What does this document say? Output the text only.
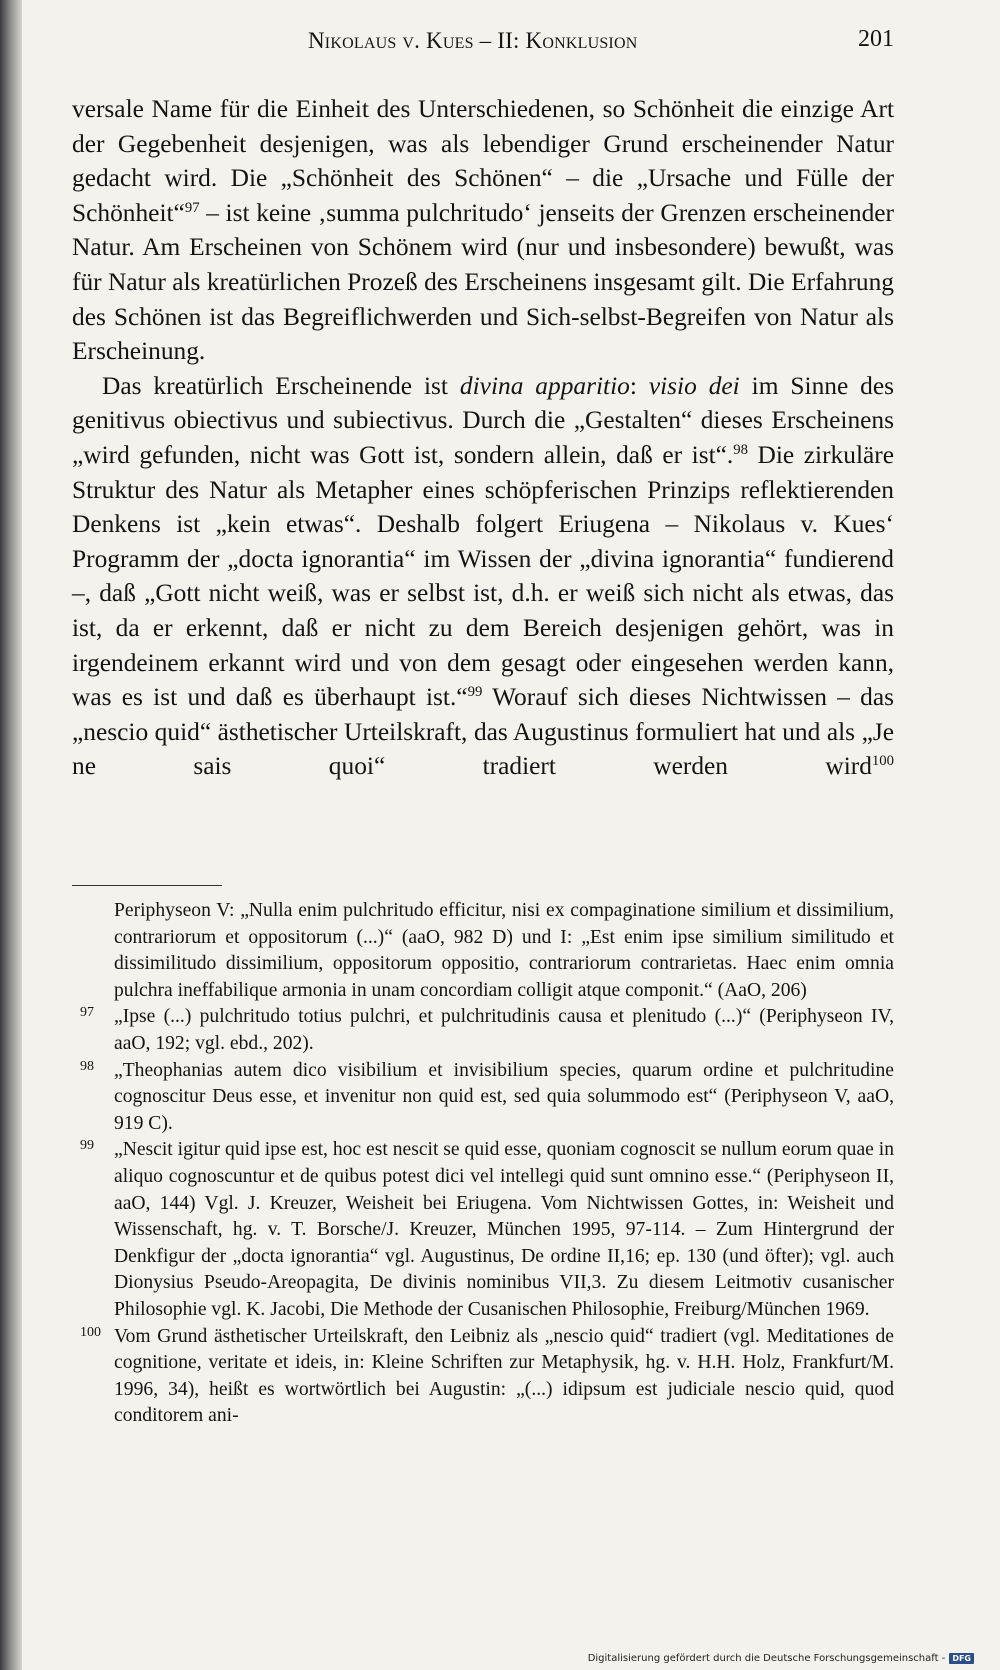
Nikolaus v. Kues – II: Konklusion	201

versale Name für die Einheit des Unterschiedenen, so Schönheit die einzige Art der Gegebenheit desjenigen, was als lebendiger Grund erscheinender Natur gedacht wird. Die „Schönheit des Schönen“ – die „Ursache und Fülle der Schönheit“$^{97}$ – ist keine ‚summa pulchritudo‘ jenseits der Grenzen erscheinender Natur. Am Erscheinen von Schönem wird (nur und insbesondere) bewußt, was für Natur als kreatürlichen Prozeß des Erscheinens insgesamt gilt. Die Erfahrung des Schönen ist das Begreiflichwerden und Sich-selbst-Begreifen von Natur als Erscheinung.

Das kreatürlich Erscheinende ist divina apparitio: visio dei im Sinne des genitivus obiectivus und subiectivus. Durch die „Gestalten“ dieses Erscheinens „wird gefunden, nicht was Gott ist, sondern allein, daß er ist“.$^{98}$ Die zirkuläre Struktur des Natur als Metapher eines schöpferischen Prinzips reflektierenden Denkens ist „kein etwas“. Deshalb folgert Eriugena – Nikolaus v. Kues‘ Programm der „docta ignorantia“ im Wissen der „divina ignorantia“ fundierend –, daß „Gott nicht weiß, was er selbst ist, d.h. er weiß sich nicht als etwas, das ist, da er erkennt, daß er nicht zu dem Bereich desjenigen gehört, was in irgendeinem erkannt wird und von dem gesagt oder eingesehen werden kann, was es ist und daß es überhaupt ist.“$^{99}$ Worauf sich dieses Nichtwissen – das „nescio quid“ ästhetischer Urteilskraft, das Augustinus formuliert hat und als „Je ne sais quoi“ tradiert werden wird$^{100}$

Periphyseon V: „Nulla enim pulchritudo efficitur, nisi ex compaginatione similium et dissimilium, contrariorum et oppositorum (...)“ (aaO, 982 D) und I: „Est enim ipse similium similitudo et dissimilitudo dissimilium, oppositorum oppositio, contrariorum contrarietas. Haec enim omnia pulchra ineffabilique armonia in unam concordiam colligit atque componit.“ (AaO, 206)

97 „Ipse (...) pulchritudo totius pulchri, et pulchritudinis causa et plenitudo (...)“ (Periphyseon IV, aaO, 192; vgl. ebd., 202).

98 „Theophanias autem dico visibilium et invisibilium species, quarum ordine et pulchritudine cognoscitur Deus esse, et invenitur non quid est, sed quia solummodo est“ (Periphyseon V, aaO, 919 C).

99 „Nescit igitur quid ipse est, hoc est nescit se quid esse, quoniam cognoscit se nullum eorum quae in aliquo cognoscuntur et de quibus potest dici vel intellegi quid sunt omnino esse.“ (Periphyseon II, aaO, 144) Vgl. J. Kreuzer, Weisheit bei Eriugena. Vom Nichtwissen Gottes, in: Weisheit und Wissenschaft, hg. v. T. Borsche/J. Kreuzer, München 1995, 97-114. – Zum Hintergrund der Denkfigur der „docta ignorantia“ vgl. Augustinus, De ordine II,16; ep. 130 (und öfter); vgl. auch Dionysius Pseudo-Areopagita, De divinis nominibus VII,3. Zu diesem Leitmotiv cusanischer Philosophie vgl. K. Jacobi, Die Methode der Cusanischen Philosophie, Freiburg/München 1969.

100 Vom Grund ästhetischer Urteilskraft, den Leibniz als „nescio quid“ tradiert (vgl. Meditationes de cognitione, veritate et ideis, in: Kleine Schriften zur Metaphysik, hg. v. H.H. Holz, Frankfurt/M. 1996, 34), heißt es wortwörtlich bei Augustin: „(...) idipsum est judiciale nescio quid, quod conditorem ani-

Digitalisierung gefördert durch die Deutsche Forschungsgemeinschaft - DFG
